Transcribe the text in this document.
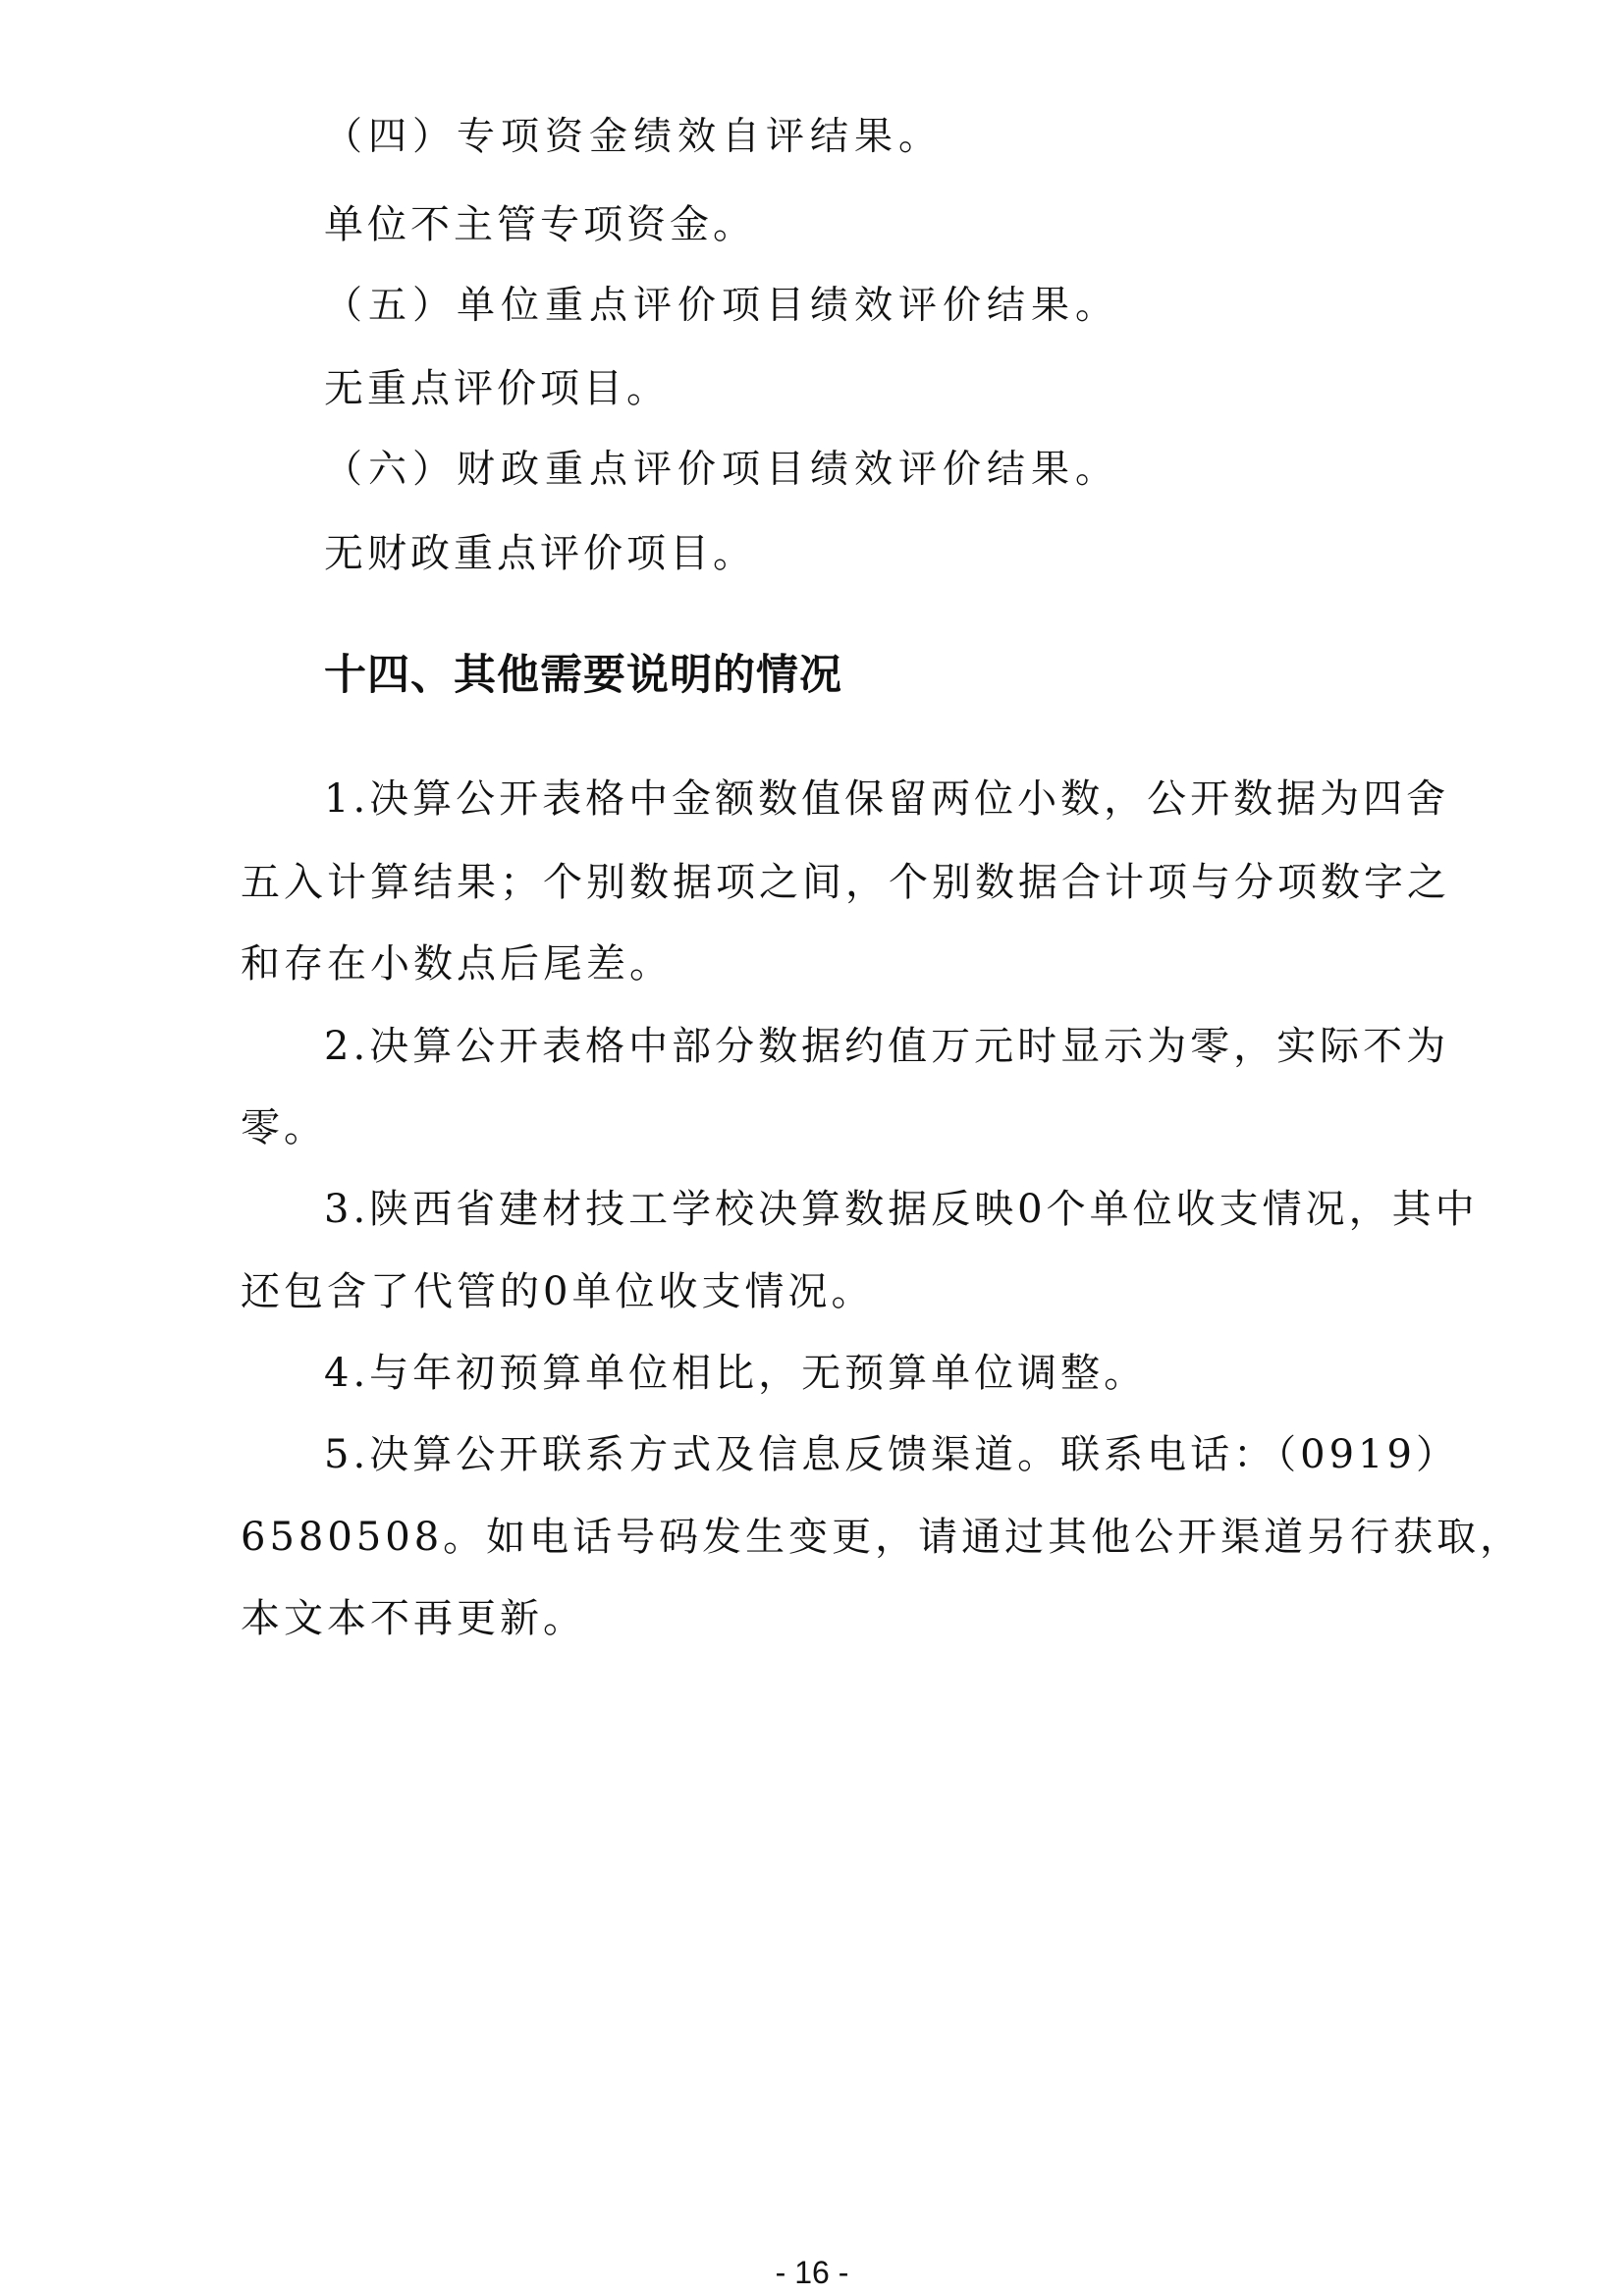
（四）专项资金绩效自评结果。
单位不主管专项资金。
（五）单位重点评价项目绩效评价结果。
无重点评价项目。
（六）财政重点评价项目绩效评价结果。
无财政重点评价项目。
十四、其他需要说明的情况
1.决算公开表格中金额数值保留两位小数，公开数据为四舍
五入计算结果；个别数据项之间，个别数据合计项与分项数字之
和存在小数点后尾差。
2.决算公开表格中部分数据约值万元时显示为零，实际不为
零。
3.陕西省建材技工学校决算数据反映0个单位收支情况，其中
还包含了代管的0单位收支情况。
4.与年初预算单位相比，无预算单位调整。
5.决算公开联系方式及信息反馈渠道。联系电话：（0919）
6580508。如电话号码发生变更，请通过其他公开渠道另行获取，
本文本不再更新。
- 16 -
